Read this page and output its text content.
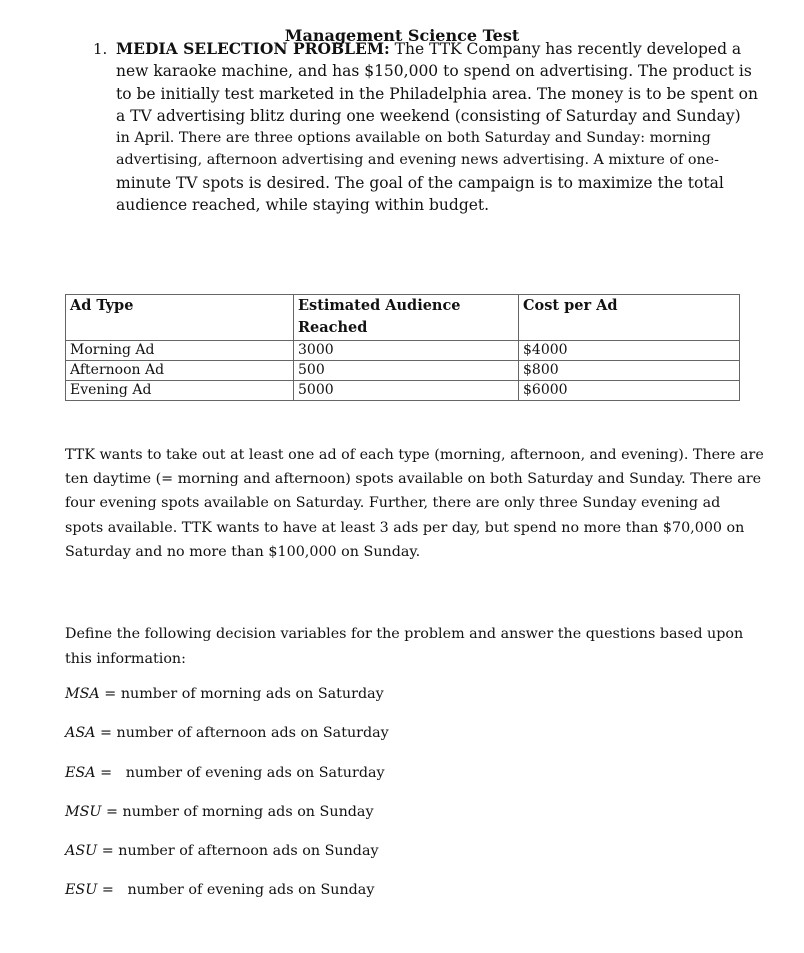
Management Science Test
1. MEDIA SELECTION PROBLEM: The TTK Company has recently developed a
new karaoke machine, and has $150,000 to spend on advertising. The product is
to be initially test marketed in the Philadelphia area. The money is to be spent on
a TV advertising blitz during one weekend (consisting of Saturday and Sunday)
in April. There are three options available on both Saturday and Sunday: morning
advertising, afternoon advertising and evening news advertising. A mixture of one-
minute TV spots is desired. The goal of the campaign is to maximize the total
audience reached, while staying within budget.
Ad Type	Estimated Audience Reached	Cost per Ad
Morning Ad	3000	$4000
Afternoon Ad	500	$800
Evening Ad	5000	$6000
TTK wants to take out at least one ad of each type (morning, afternoon, and evening). There are
ten daytime (= morning and afternoon) spots available on both Saturday and Sunday. There are
four evening spots available on Saturday. Further, there are only three Sunday evening ad
spots available. TTK wants to have at least 3 ads per day, but spend no more than $70,000 on
Saturday and no more than $100,000 on Sunday.
Define the following decision variables for the problem and answer the questions based upon
this information:
MSA = number of morning ads on Saturday
ASA = number of afternoon ads on Saturday
ESA =   number of evening ads on Saturday
MSU = number of morning ads on Sunday
ASU = number of afternoon ads on Sunday
ESU =   number of evening ads on Sunday
